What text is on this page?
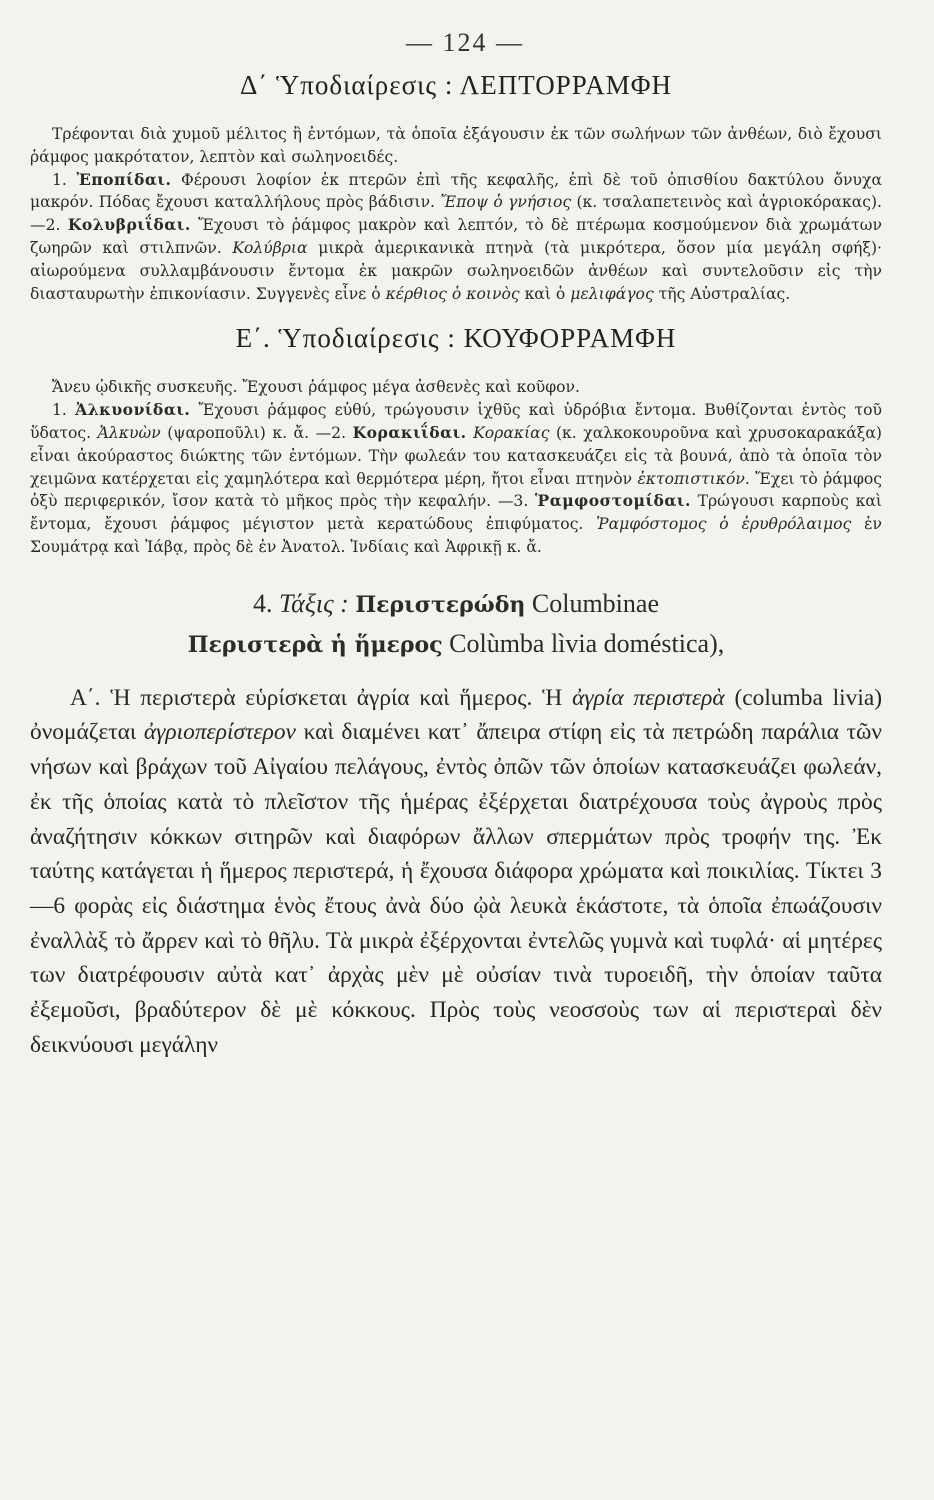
— 124 —
Δ΄ Ὑποδιαίρεσις : ΛΕΠΤΟΡΡΑΜΦΗ

Τρέφονται διὰ χυμοῦ μέλιτος ἢ ἐντόμων, τὰ ὁποῖα ἐξάγουσιν ἐκ τῶν σωλήνων τῶν ἀνθέων, διὸ ἔχουσι ῥάμφος μακρότατον, λεπτὸν καὶ σωληνοειδές.
1. Ἐποπίδαι. Φέρουσι λοφίον ἐκ πτερῶν ἐπὶ τῆς κεφαλῆς, ἐπὶ δὲ τοῦ ὀπισθίου δακτύλου ὄνυχα μακρόν. Πόδας ἔχουσι καταλλήλους πρὸς βάδισιν. Ἔποψ ὁ γνήσιος (κ. τσαλαπετεινὸς καὶ ἀγριοκόρακας). —2. Κολυβριΐδαι. Ἔχουσι τὸ ῥάμφος μακρὸν καὶ λεπτόν, τὸ δὲ πτέρωμα κοσμούμενον διὰ χρωμάτων ζωηρῶν καὶ στιλπνῶν. Κολύβρια μικρὰ ἀμερικανικὰ πτηνὰ (τὰ μικρότερα, ὅσον μία μεγάλη σφήξ)· αἰωρούμενα συλλαμβάνουσιν ἔντομα ἐκ μακρῶν σωληνοειδῶν ἀνθέων καὶ συντελοῦσιν εἰς τὴν διασταυρωτὴν ἐπικονίασιν. Συγγενὲς εἶνε ὁ κέρθιος ὁ κοινὸς καὶ ὁ μελιφάγος τῆς Αὐστραλίας.

Ε΄. Ὑποδιαίρεσις : ΚΟΥΦΟΡΡΑΜΦΗ

Ἄνευ ᾠδικῆς συσκευῆς. Ἔχουσι ῥάμφος μέγα ἀσθενὲς καὶ κοῦφον.
1. Ἀλκυονίδαι. Ἔχουσι ῥάμφος εὐθύ, τρώγουσιν ἰχθῦς καὶ ὑδρόβια ἔντομα. Βυθίζονται ἐντὸς τοῦ ὕδατος. Ἀλκυὼν (ψαροποῦλι) κ. ἄ. —2. Κορακιΐδαι. Κορακίας (κ. χαλκοκουροῦνα καὶ χρυσοκαρακάξα) εἶναι ἀκούραστος διώκτης τῶν ἐντόμων. Τὴν φωλεάν του κατασκευάζει εἰς τὰ βουνά, ἀπὸ τὰ ὁποῖα τὸν χειμῶνα κατέρχεται εἰς χαμηλότερα καὶ θερμότερα μέρη, ἤτοι εἶναι πτηνὸν ἐκτοπιστικόν. Ἔχει τὸ ῥάμφος ὀξὺ περιφερικόν, ἴσον κατὰ τὸ μῆκος πρὸς τὴν κεφαλήν. —3. Ῥαμφοστομίδαι. Τρώγουσι καρποὺς καὶ ἔντομα, ἔχουσι ῥάμφος μέγιστον μετὰ κερατώδους ἐπιφύματος. Ῥαμφόστομος ὁ ἐρυθρόλαιμος ἐν Σουμάτρᾳ καὶ Ἰάβᾳ, πρὸς δὲ ἐν Ἀνατολ. Ἰνδίαις καὶ Ἀφρικῇ κ. ἄ.

4. Τάξις : Περιστερώδη Columbinae
Περιστερὰ ἡ ἥμερος Colùmba lìvia doméstica),

Α΄. Ἡ περιστερὰ εὑρίσκεται ἀγρία καὶ ἥμερος. Ἡ ἀγρία περιστερὰ (columba livia) ὀνομάζεται ἀγριοπερίστερον καὶ διαμένει κατ᾽ ἄπειρα στίφη εἰς τὰ πετρώδη παράλια τῶν νήσων καὶ βράχων τοῦ Αἰγαίου πελάγους, ἐντὸς ὀπῶν τῶν ὁποίων κατασκευάζει φωλεάν, ἐκ τῆς ὁποίας κατὰ τὸ πλεῖστον τῆς ἡμέρας ἐξέρχεται διατρέχουσα τοὺς ἀγροὺς πρὸς ἀναζήτησιν κόκκων σιτηρῶν καὶ διαφόρων ἄλλων σπερμάτων πρὸς τροφήν της. Ἐκ ταύτης κατάγεται ἡ ἥμερος περιστερά, ἡ ἔχουσα διάφορα χρώματα καὶ ποικιλίας. Τίκτει 3—6 φορὰς εἰς διάστημα ἑνὸς ἔτους ἀνὰ δύο ᾠὰ λευκὰ ἑκάστοτε, τὰ ὁποῖα ἐπωάζουσιν ἐναλλὰξ τὸ ἄρρεν καὶ τὸ θῆλυ. Τὰ μικρὰ ἐξέρχονται ἐντελῶς γυμνὰ καὶ τυφλά· αἱ μητέρες των διατρέφουσιν αὐτὰ κατ᾽ ἀρχὰς μὲν μὲ οὐσίαν τινὰ τυροειδῆ, τὴν ὁποίαν ταῦτα ἐξεμοῦσι, βραδύτερον δὲ μὲ κόκκους. Πρὸς τοὺς νεοσσοὺς των αἱ περιστεραὶ δὲν δεικνύουσι μεγάλην
